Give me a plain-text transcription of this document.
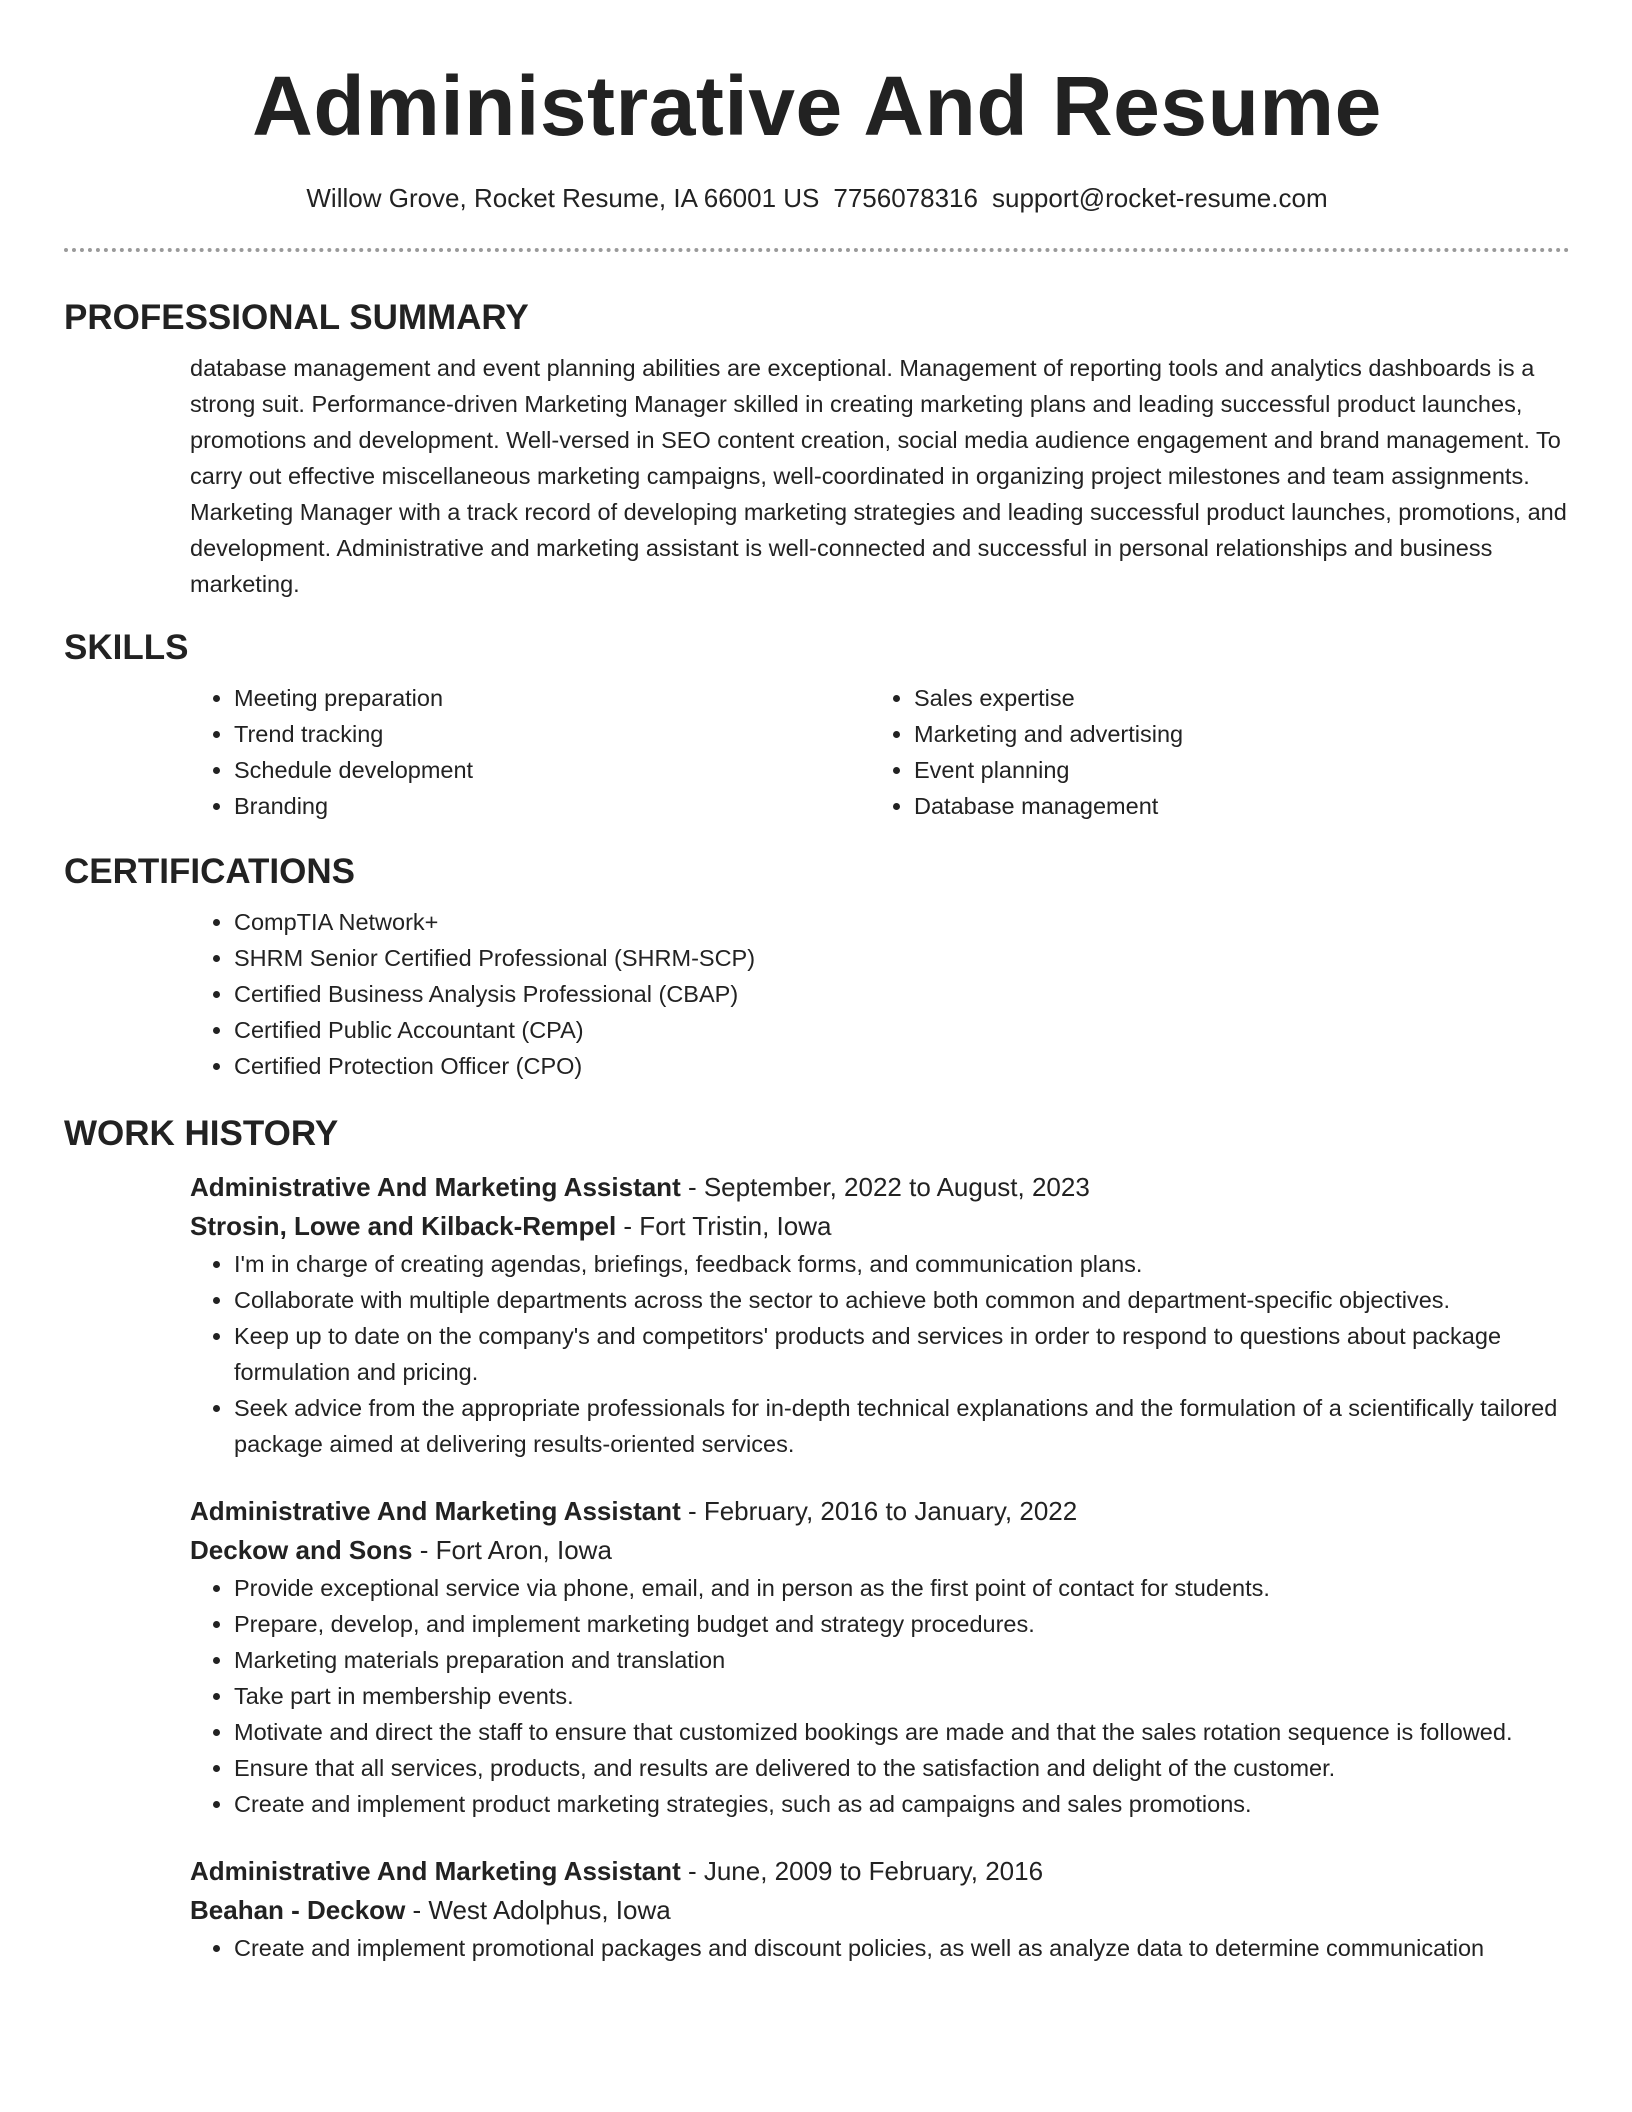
Administrative And Resume
Willow Grove, Rocket Resume, IA 66001 US 7756078316 support@rocket-resume.com
PROFESSIONAL SUMMARY

database management and event planning abilities are exceptional. Management of reporting tools and analytics dashboards is a strong suit. Performance-driven Marketing Manager skilled in creating marketing plans and leading successful product launches, promotions and development. Well-versed in SEO content creation, social media audience engagement and brand management. To carry out effective miscellaneous marketing campaigns, well-coordinated in organizing project milestones and team assignments. Marketing Manager with a track record of developing marketing strategies and leading successful product launches, promotions, and development. Administrative and marketing assistant is well-connected and successful in personal relationships and business marketing.

SKILLS
• Meeting preparation
• Trend tracking
• Schedule development
• Branding
• Sales expertise
• Marketing and advertising
• Event planning
• Database management
CERTIFICATIONS
• CompTIA Network+
• SHRM Senior Certified Professional (SHRM-SCP)
• Certified Business Analysis Professional (CBAP)
• Certified Public Accountant (CPA)
• Certified Protection Officer (CPO)
WORK HISTORY
Administrative And Marketing Assistant - September, 2022 to August, 2023
Strosin, Lowe and Kilback-Rempel - Fort Tristin, Iowa
• I'm in charge of creating agendas, briefings, feedback forms, and communication plans.
• Collaborate with multiple departments across the sector to achieve both common and department-specific objectives.
• Keep up to date on the company's and competitors' products and services in order to respond to questions about package formulation and pricing.
• Seek advice from the appropriate professionals for in-depth technical explanations and the formulation of a scientifically tailored package aimed at delivering results-oriented services.
Administrative And Marketing Assistant - February, 2016 to January, 2022
Deckow and Sons - Fort Aron, Iowa
• Provide exceptional service via phone, email, and in person as the first point of contact for students.
• Prepare, develop, and implement marketing budget and strategy procedures.
• Marketing materials preparation and translation
• Take part in membership events.
• Motivate and direct the staff to ensure that customized bookings are made and that the sales rotation sequence is followed.
• Ensure that all services, products, and results are delivered to the satisfaction and delight of the customer.
• Create and implement product marketing strategies, such as ad campaigns and sales promotions.
Administrative And Marketing Assistant - June, 2009 to February, 2016
Beahan - Deckow - West Adolphus, Iowa
• Create and implement promotional packages and discount policies, as well as analyze data to determine communication
